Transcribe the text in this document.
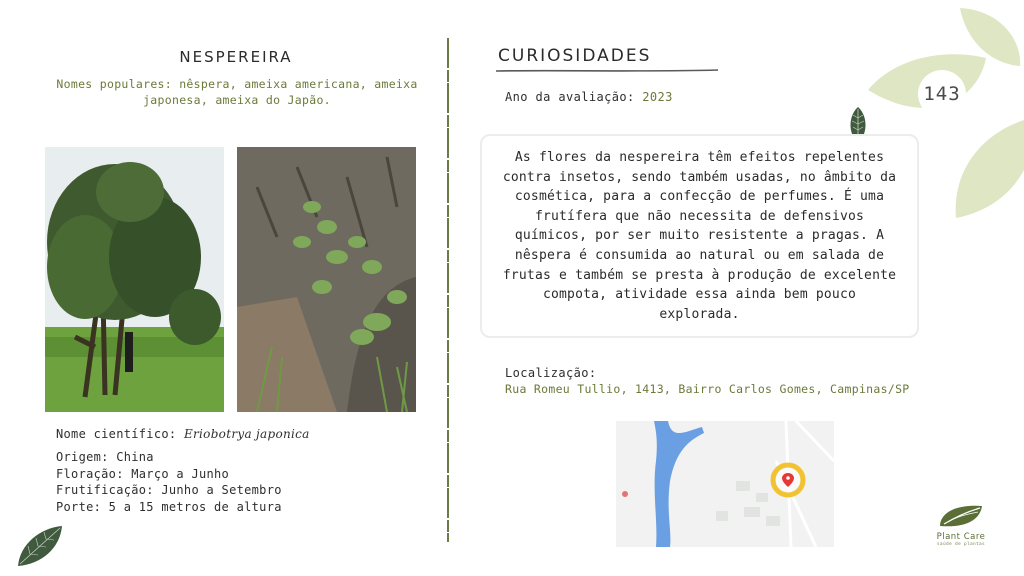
143
NESPEREIRA
Nomes populares: nêspera, ameixa americana, ameixa japonesa, ameixa do Japão.
Nome científico: Eriobotrya japonica
Origem: China
Floração: Março a Junho
Frutificação: Junho a Setembro
Porte: 5 a 15 metros de altura
CURIOSIDADES
Ano da avaliação: 2023
As flores da nespereira têm efeitos repelentes contra insetos, sendo também usadas, no âmbito da cosmética, para a confecção de perfumes. É uma frutífera que não necessita de defensivos químicos, por ser muito resistente a pragas. A nêspera é consumida ao natural ou em salada de frutas e também se presta à produção de excelente compota, atividade essa ainda bem pouco explorada.
Localização:
Rua Romeu Tullio, 1413, Bairro Carlos Gomes, Campinas/SP
Plant Care
saúde de plantas
